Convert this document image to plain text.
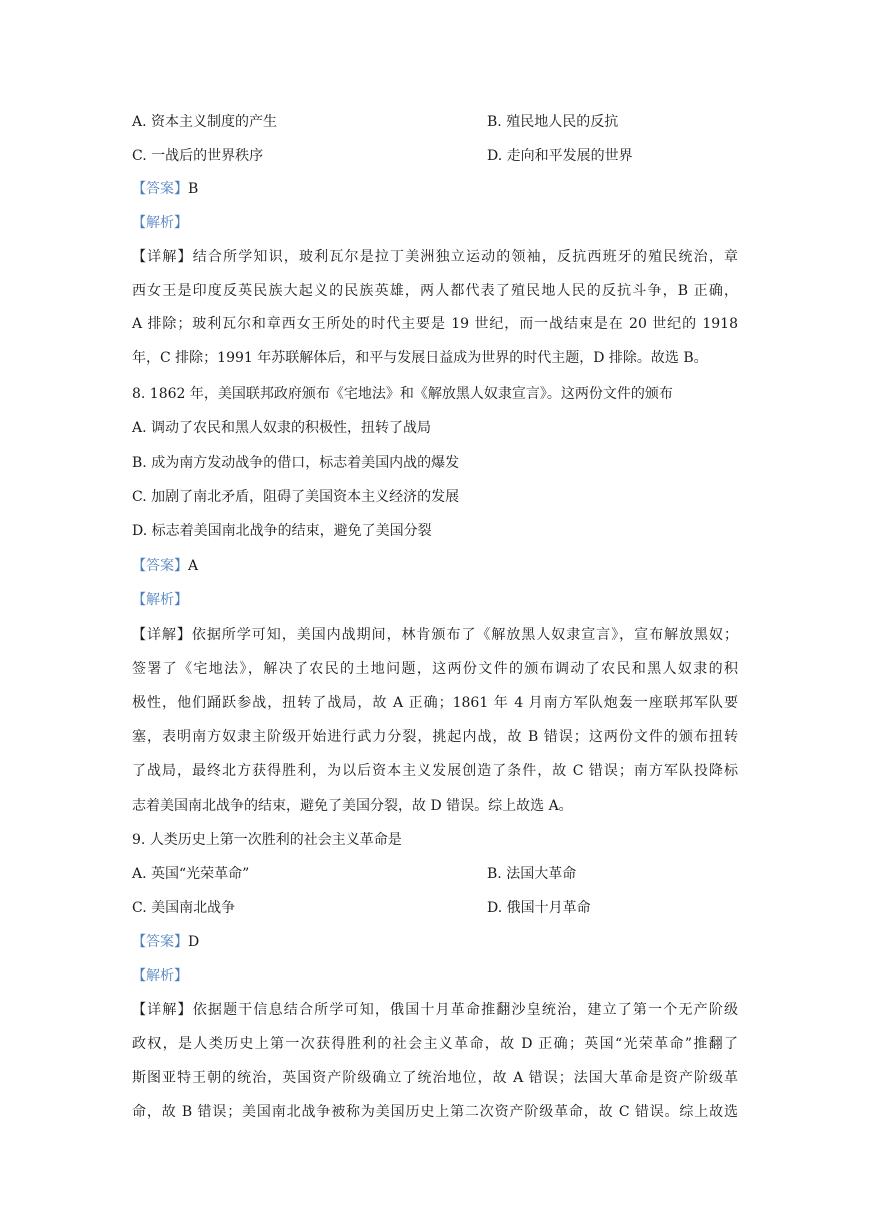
A. 资本主义制度的产生	B. 殖民地人民的反抗
C. 一战后的世界秩序	D. 走向和平发展的世界
【答案】B
【解析】
【详解】结合所学知识，玻利瓦尔是拉丁美洲独立运动的领袖，反抗西班牙的殖民统治，章
西女王是印度反英民族大起义的民族英雄，两人都代表了殖民地人民的反抗斗争，B 正确，
A 排除；玻利瓦尔和章西女王所处的时代主要是 19 世纪，而一战结束是在 20 世纪的 1918
年，C 排除；1991 年苏联解体后，和平与发展日益成为世界的时代主题，D 排除。故选 B。
8. 1862 年，美国联邦政府颁布《宅地法》和《解放黑人奴隶宣言》。这两份文件的颁布
A. 调动了农民和黑人奴隶的积极性，扭转了战局
B. 成为南方发动战争的借口，标志着美国内战的爆发
C. 加剧了南北矛盾，阻碍了美国资本主义经济的发展
D. 标志着美国南北战争的结束，避免了美国分裂
【答案】A
【解析】
【详解】依据所学可知，美国内战期间，林肯颁布了《解放黑人奴隶宣言》，宣布解放黑奴；
签署了《宅地法》，解决了农民的土地问题，这两份文件的颁布调动了农民和黑人奴隶的积
极性，他们踊跃参战，扭转了战局，故 A 正确；1861 年 4 月南方军队炮轰一座联邦军队要
塞，表明南方奴隶主阶级开始进行武力分裂，挑起内战，故 B 错误；这两份文件的颁布扭转
了战局，最终北方获得胜利，为以后资本主义发展创造了条件，故 C 错误；南方军队投降标
志着美国南北战争的结束，避免了美国分裂，故 D 错误。综上故选 A。
9. 人类历史上第一次胜利的社会主义革命是
A. 英国“光荣革命”	B. 法国大革命
C. 美国南北战争	D. 俄国十月革命
【答案】D
【解析】
【详解】依据题干信息结合所学可知，俄国十月革命推翻沙皇统治，建立了第一个无产阶级
政权，是人类历史上第一次获得胜利的社会主义革命，故 D 正确；英国“光荣革命”推翻了
斯图亚特王朝的统治，英国资产阶级确立了统治地位，故 A 错误；法国大革命是资产阶级革
命，故 B 错误；美国南北战争被称为美国历史上第二次资产阶级革命，故 C 错误。综上故选
